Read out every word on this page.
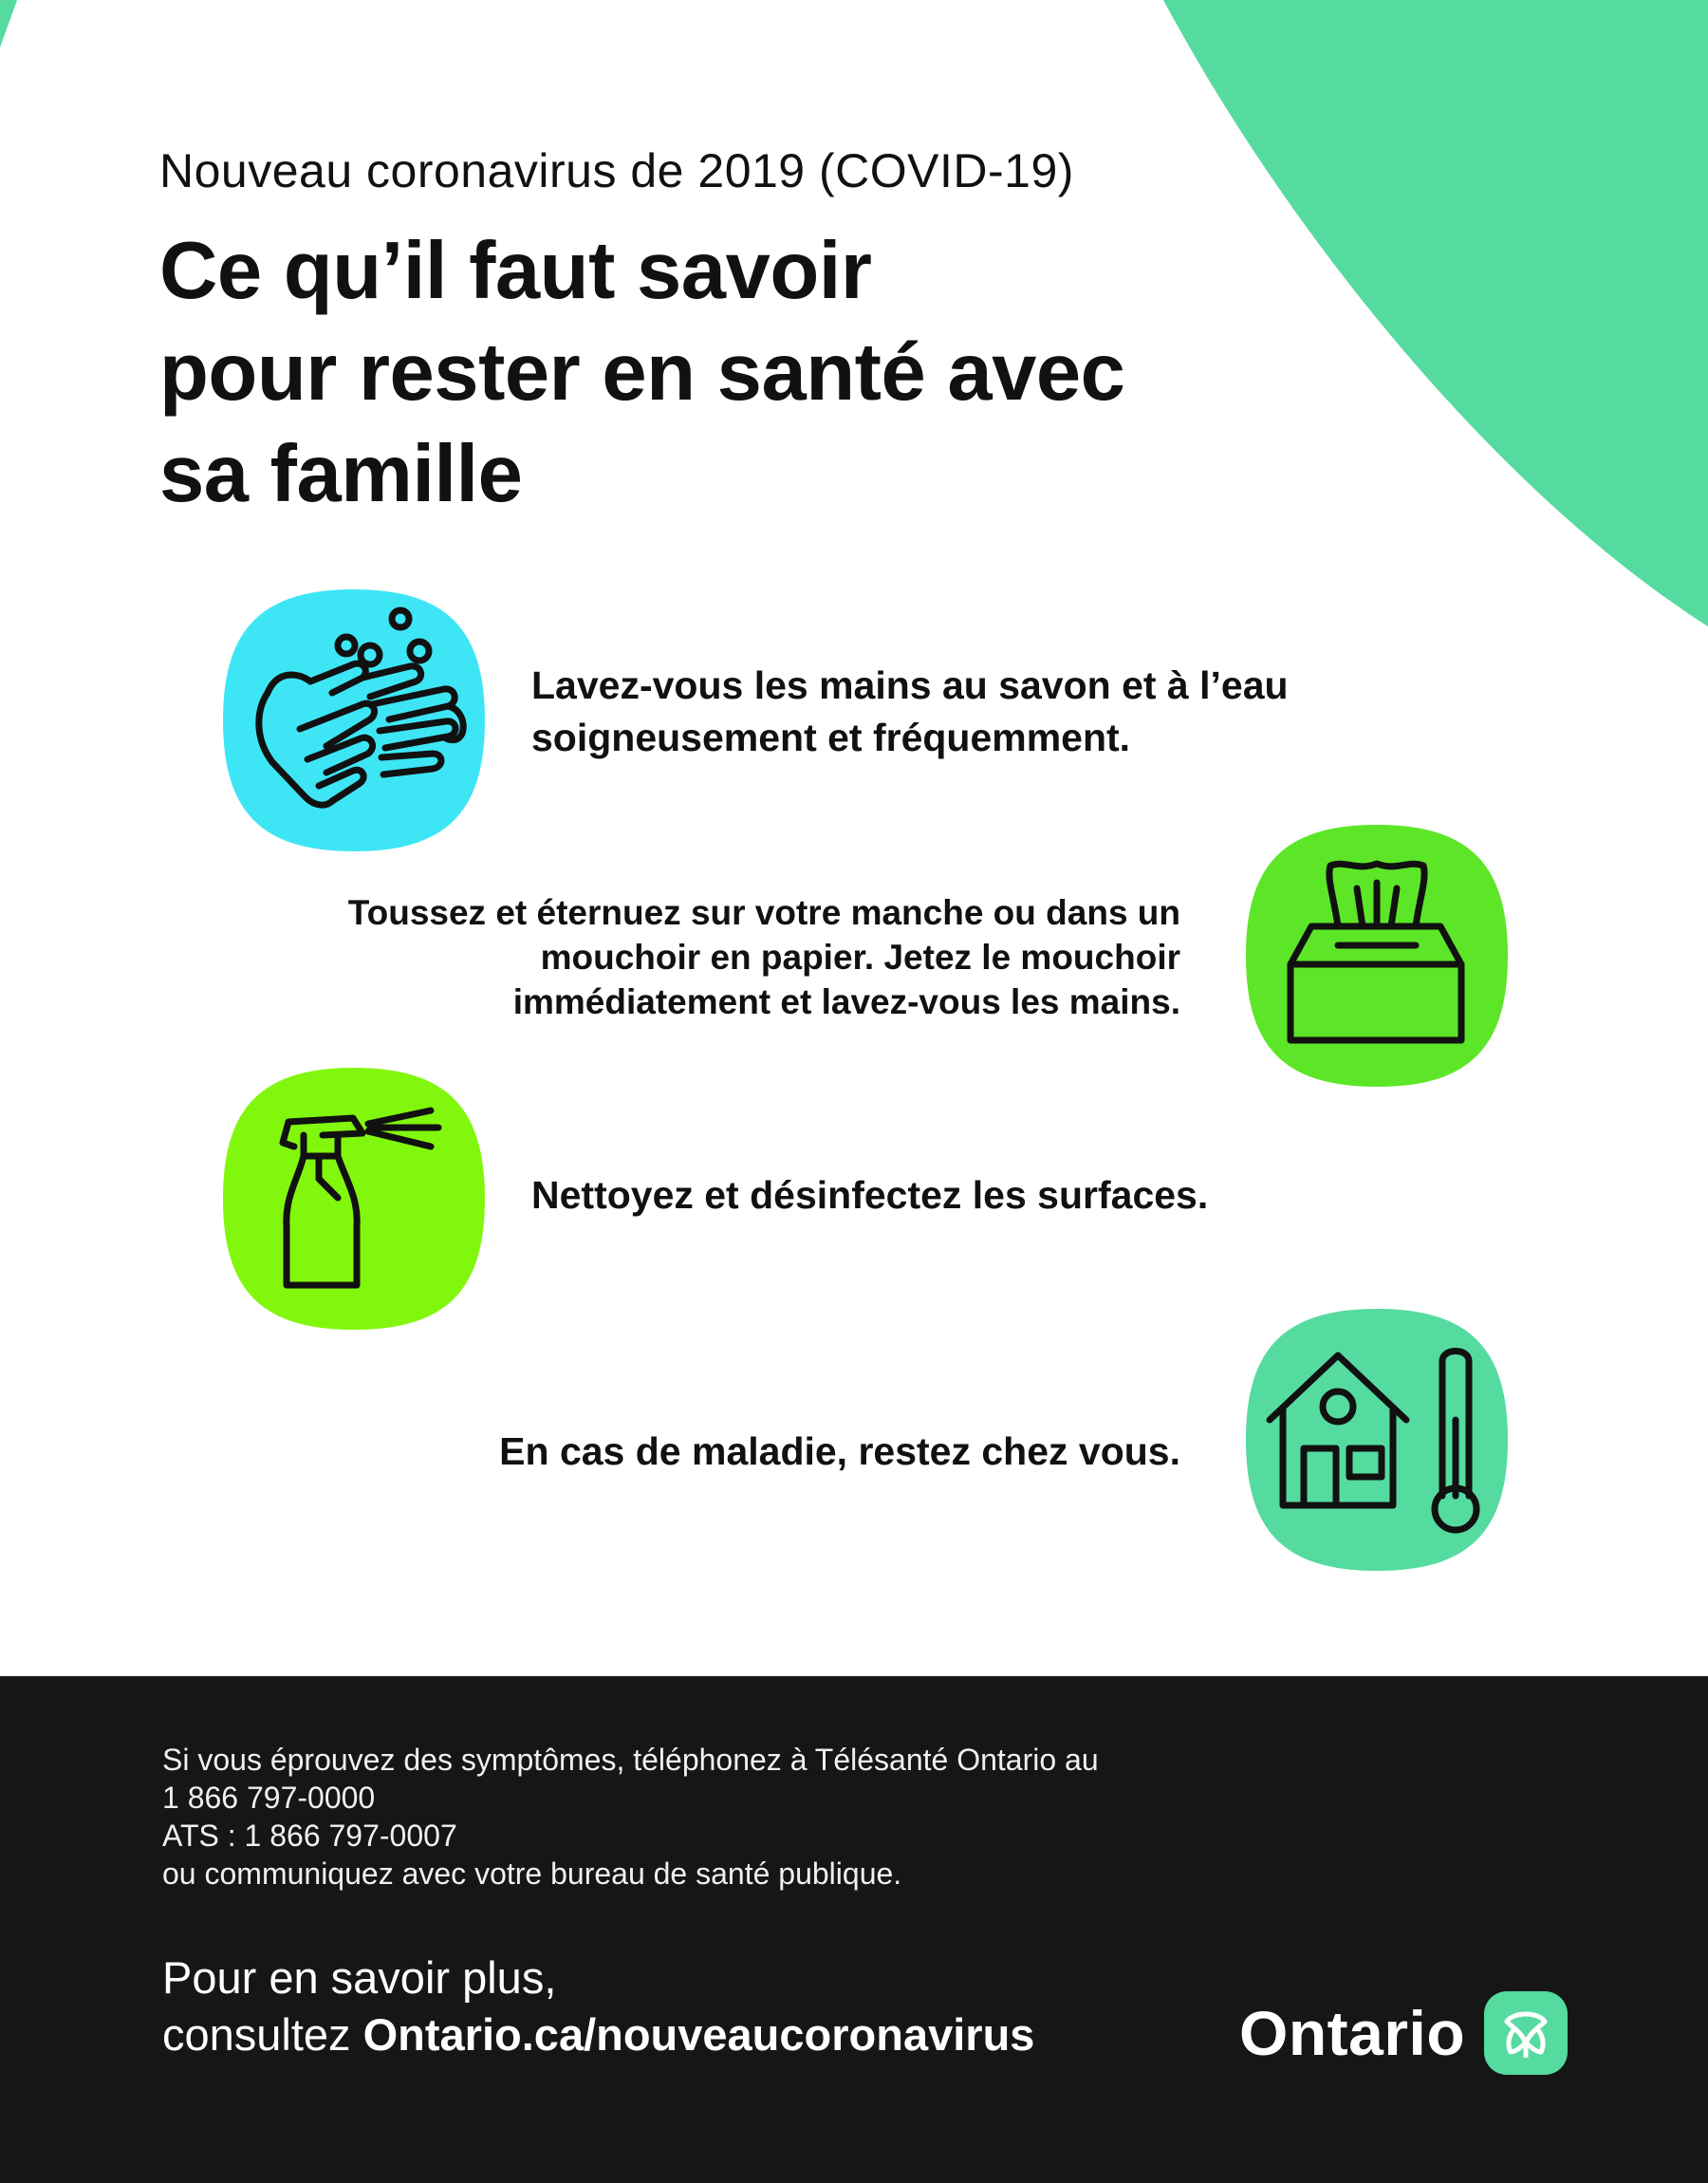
Nouveau coronavirus de 2019 (COVID-19)
Ce qu’il faut savoir
pour rester en santé avec
sa famille
Lavez-vous les mains au savon et à l’eau
soigneusement et fréquemment.
Toussez et éternuez sur votre manche ou dans un
mouchoir en papier. Jetez le mouchoir
immédiatement et lavez-vous les mains.
Nettoyez et désinfectez les surfaces.
En cas de maladie, restez chez vous.
Si vous éprouvez des symptômes, téléphonez à Télésanté Ontario au
1 866 797-0000
ATS : 1 866 797-0007
ou communiquez avec votre bureau de santé publique.
Pour en savoir plus,
consultez Ontario.ca/nouveaucoronavirus	Ontario
